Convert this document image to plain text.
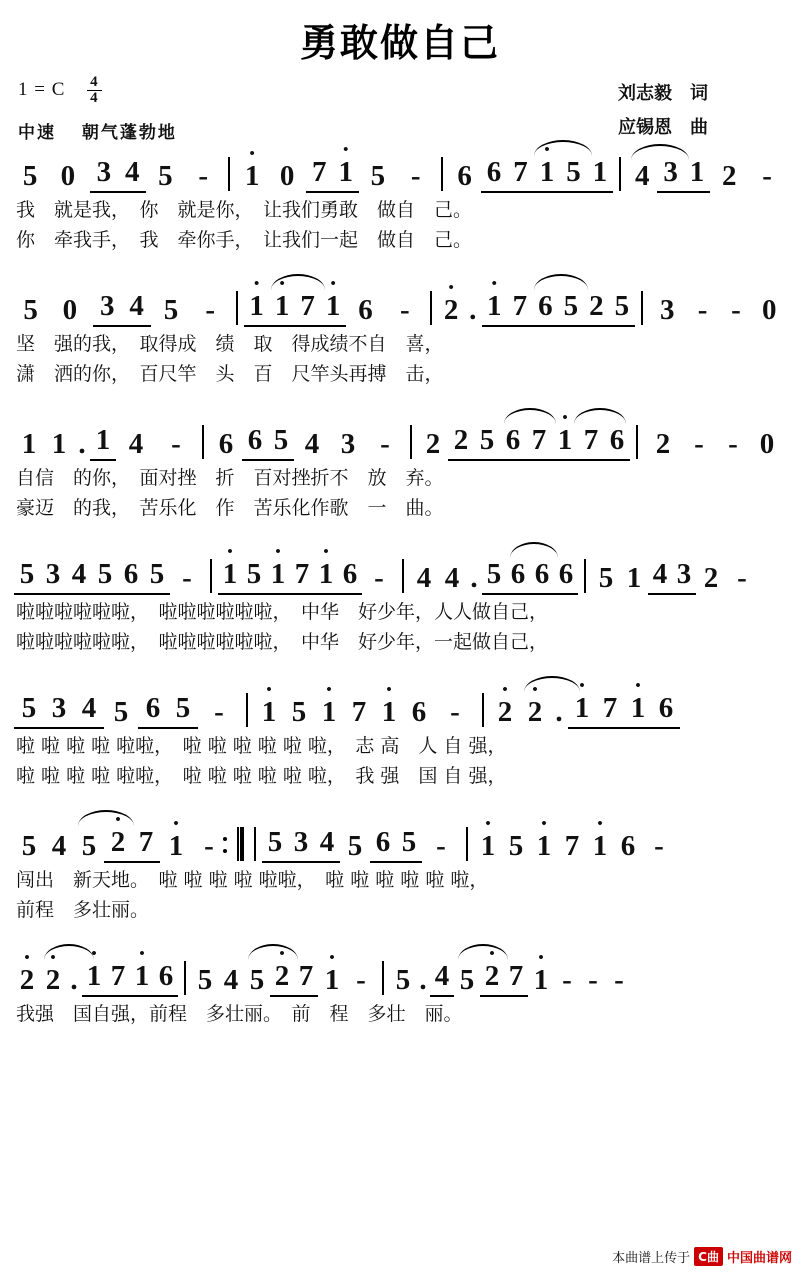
勇敢做自己
1 = C $\frac{4}{4}$
中速 朝气蓬勃地
刘志毅 词
应锡恩 曲
5 0 3 4 5 -	• 1 0 7 • 1 5 -	6 6 7 • 1 5 1 4 3 1 2 -
我　就是我，　你　就是你，　让我们勇敢　做自　己。
你　牵我手，　我　牵你手，　让我们一起　做自　己。
5 0 3 4 5 -	• 1 • 1 7 • 1 6 -	• 2 . • 1 7 6 5 2 5	3 - - 0
坚　强的我，　取得成　绩　取　得成绩不自　喜，
潇　洒的你，　百尺竿　头　百　尺竿头再搏　击，
1 1 . 1 4 -	6 6 5 4 3 -	2 2 5 6 7 • 1 7 6	2 - - 0
自信　的你，　面对挫　折　百对挫折不　放　弃。
豪迈　的我，　苦乐化　作　苦乐化作歌　一　曲。
5 3 4 5 6 5 -	• 1 5 • 1 7 • 1 6 -	4 4 . 5 6 6 6 5 1 4 3 2 -
啦啦啦啦啦啦，　啦啦啦啦啦啦，　中华　好少年，人人做自己，
啦啦啦啦啦啦，　啦啦啦啦啦啦，　中华　好少年，一起做自己，
5 3 4 5 6 5 -	• 1 5 • 1 7 • 1 6 -	• 2 • 2 . • 1 7 • 1 6
啦 啦 啦 啦 啦啦，　啦 啦 啦 啦 啦 啦，　志 高　人 自 强，
啦 啦 啦 啦 啦啦，　啦 啦 啦 啦 啦 啦，　我 强　国 自 强，
5 4 5 • 2 7 • 1 -	5 3 4 5 6 5 -	• 1 5 • 1 7 • 1 6 -
闯出　新天地。　啦 啦 啦 啦 啦啦，　啦 啦 啦 啦 啦 啦，
前程　多壮丽。
• 2 • 2 . • 1 7 • 1 6 5 4 5 • 2 7 • 1 -	5 . 4 5 • 2 7 • 1 - - -
我强　国自强，前程　多壮丽。　前　程　多壮　丽。
本曲谱上传于 C曲 中国曲谱网
